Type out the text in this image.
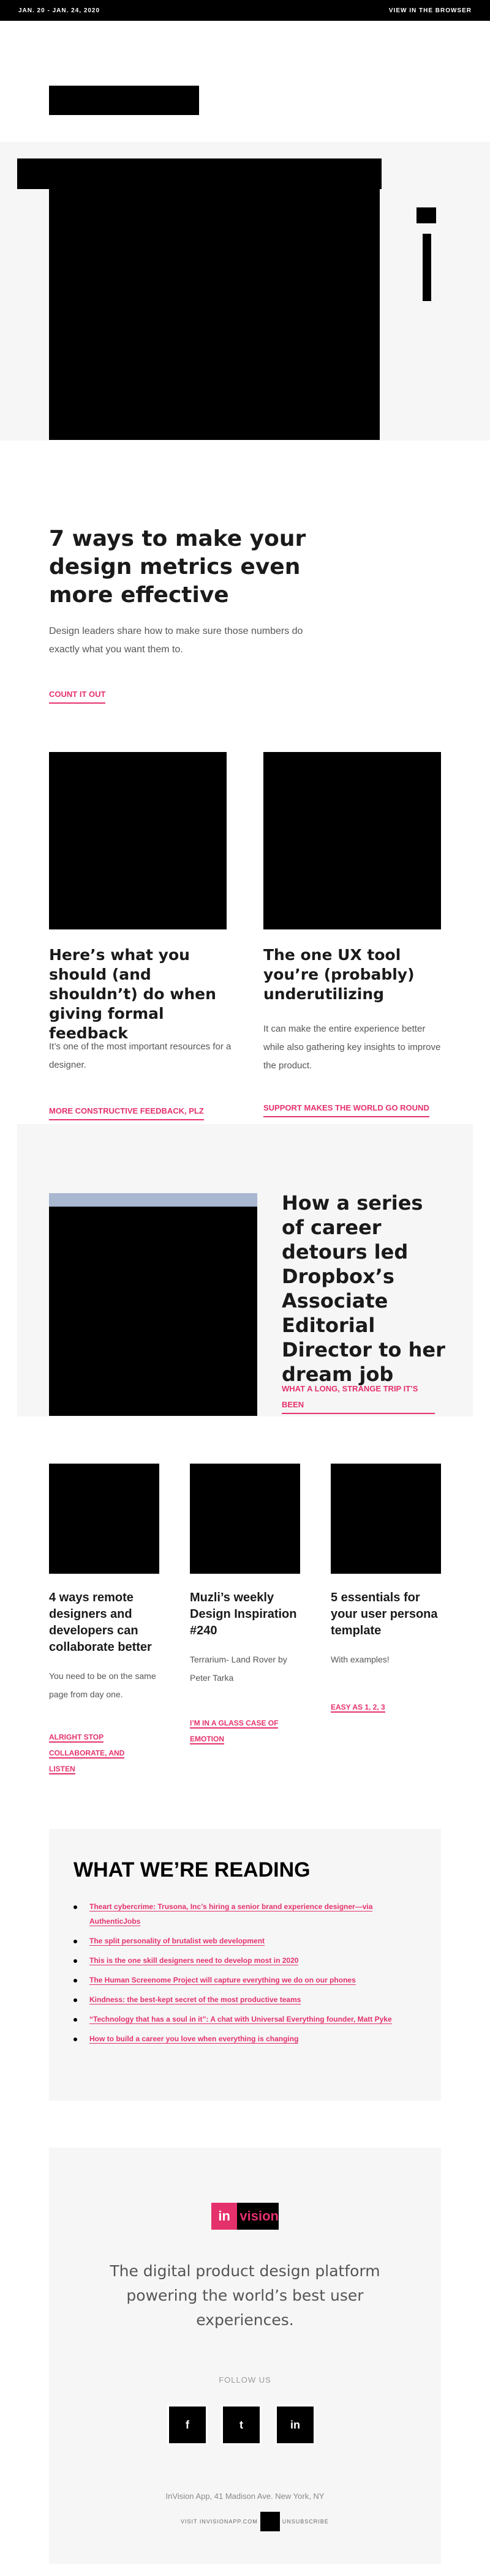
JAN. 20 - JAN. 24, 2020	VIEW IN THE BROWSER
7 ways to make your design metrics even more effective

Design leaders share how to make sure those numbers do exactly what you want them to.

COUNT IT OUT
Here’s what you should (and shouldn’t) do when giving formal feedback
The one UX tool you’re (probably) underutilizing

It’s one of the most important resources for a designer.

It can make the entire experience better while also gathering key insights to improve the product.

MORE CONSTRUCTIVE FEEDBACK, PLZ	SUPPORT MAKES THE WORLD GO ROUND
How a series of career detours led Dropbox’s Associate Editorial Director to her dream job
WHAT A LONG, STRANGE TRIP IT’S BEEN
4 ways remote designers and developers can collaborate better
Muzli’s weekly Design Inspiration #240
5 essentials for your user persona template

You need to be on the same page from day one.

Terrarium- Land Rover by Peter Tarka

With examples!

ALRIGHT STOP COLLABORATE, AND LISTEN
I’M IN A GLASS CASE OF EMOTION
EASY AS 1, 2, 3
WHAT WE’RE READING
Theart cybercrime: Trusona, Inc’s hiring a senior brand experience designer—via AuthenticJobs
The split personality of brutalist web development
This is the one skill designers need to develop most in 2020
The Human Screenome Project will capture everything we do on our phones
Kindness: the best-kept secret of the most productive teams
“Technology that has a soul in it”: A chat with Universal Everything founder, Matt Pyke
How to build a career you love when everything is changing
in vision

The digital product design platform powering the world’s best user experiences.

FOLLOW US

f	t	in

InVision App, 41 Madison Ave. New York, NY

VISIT INVISIONAPP.COM	UNSUBSCRIBE
